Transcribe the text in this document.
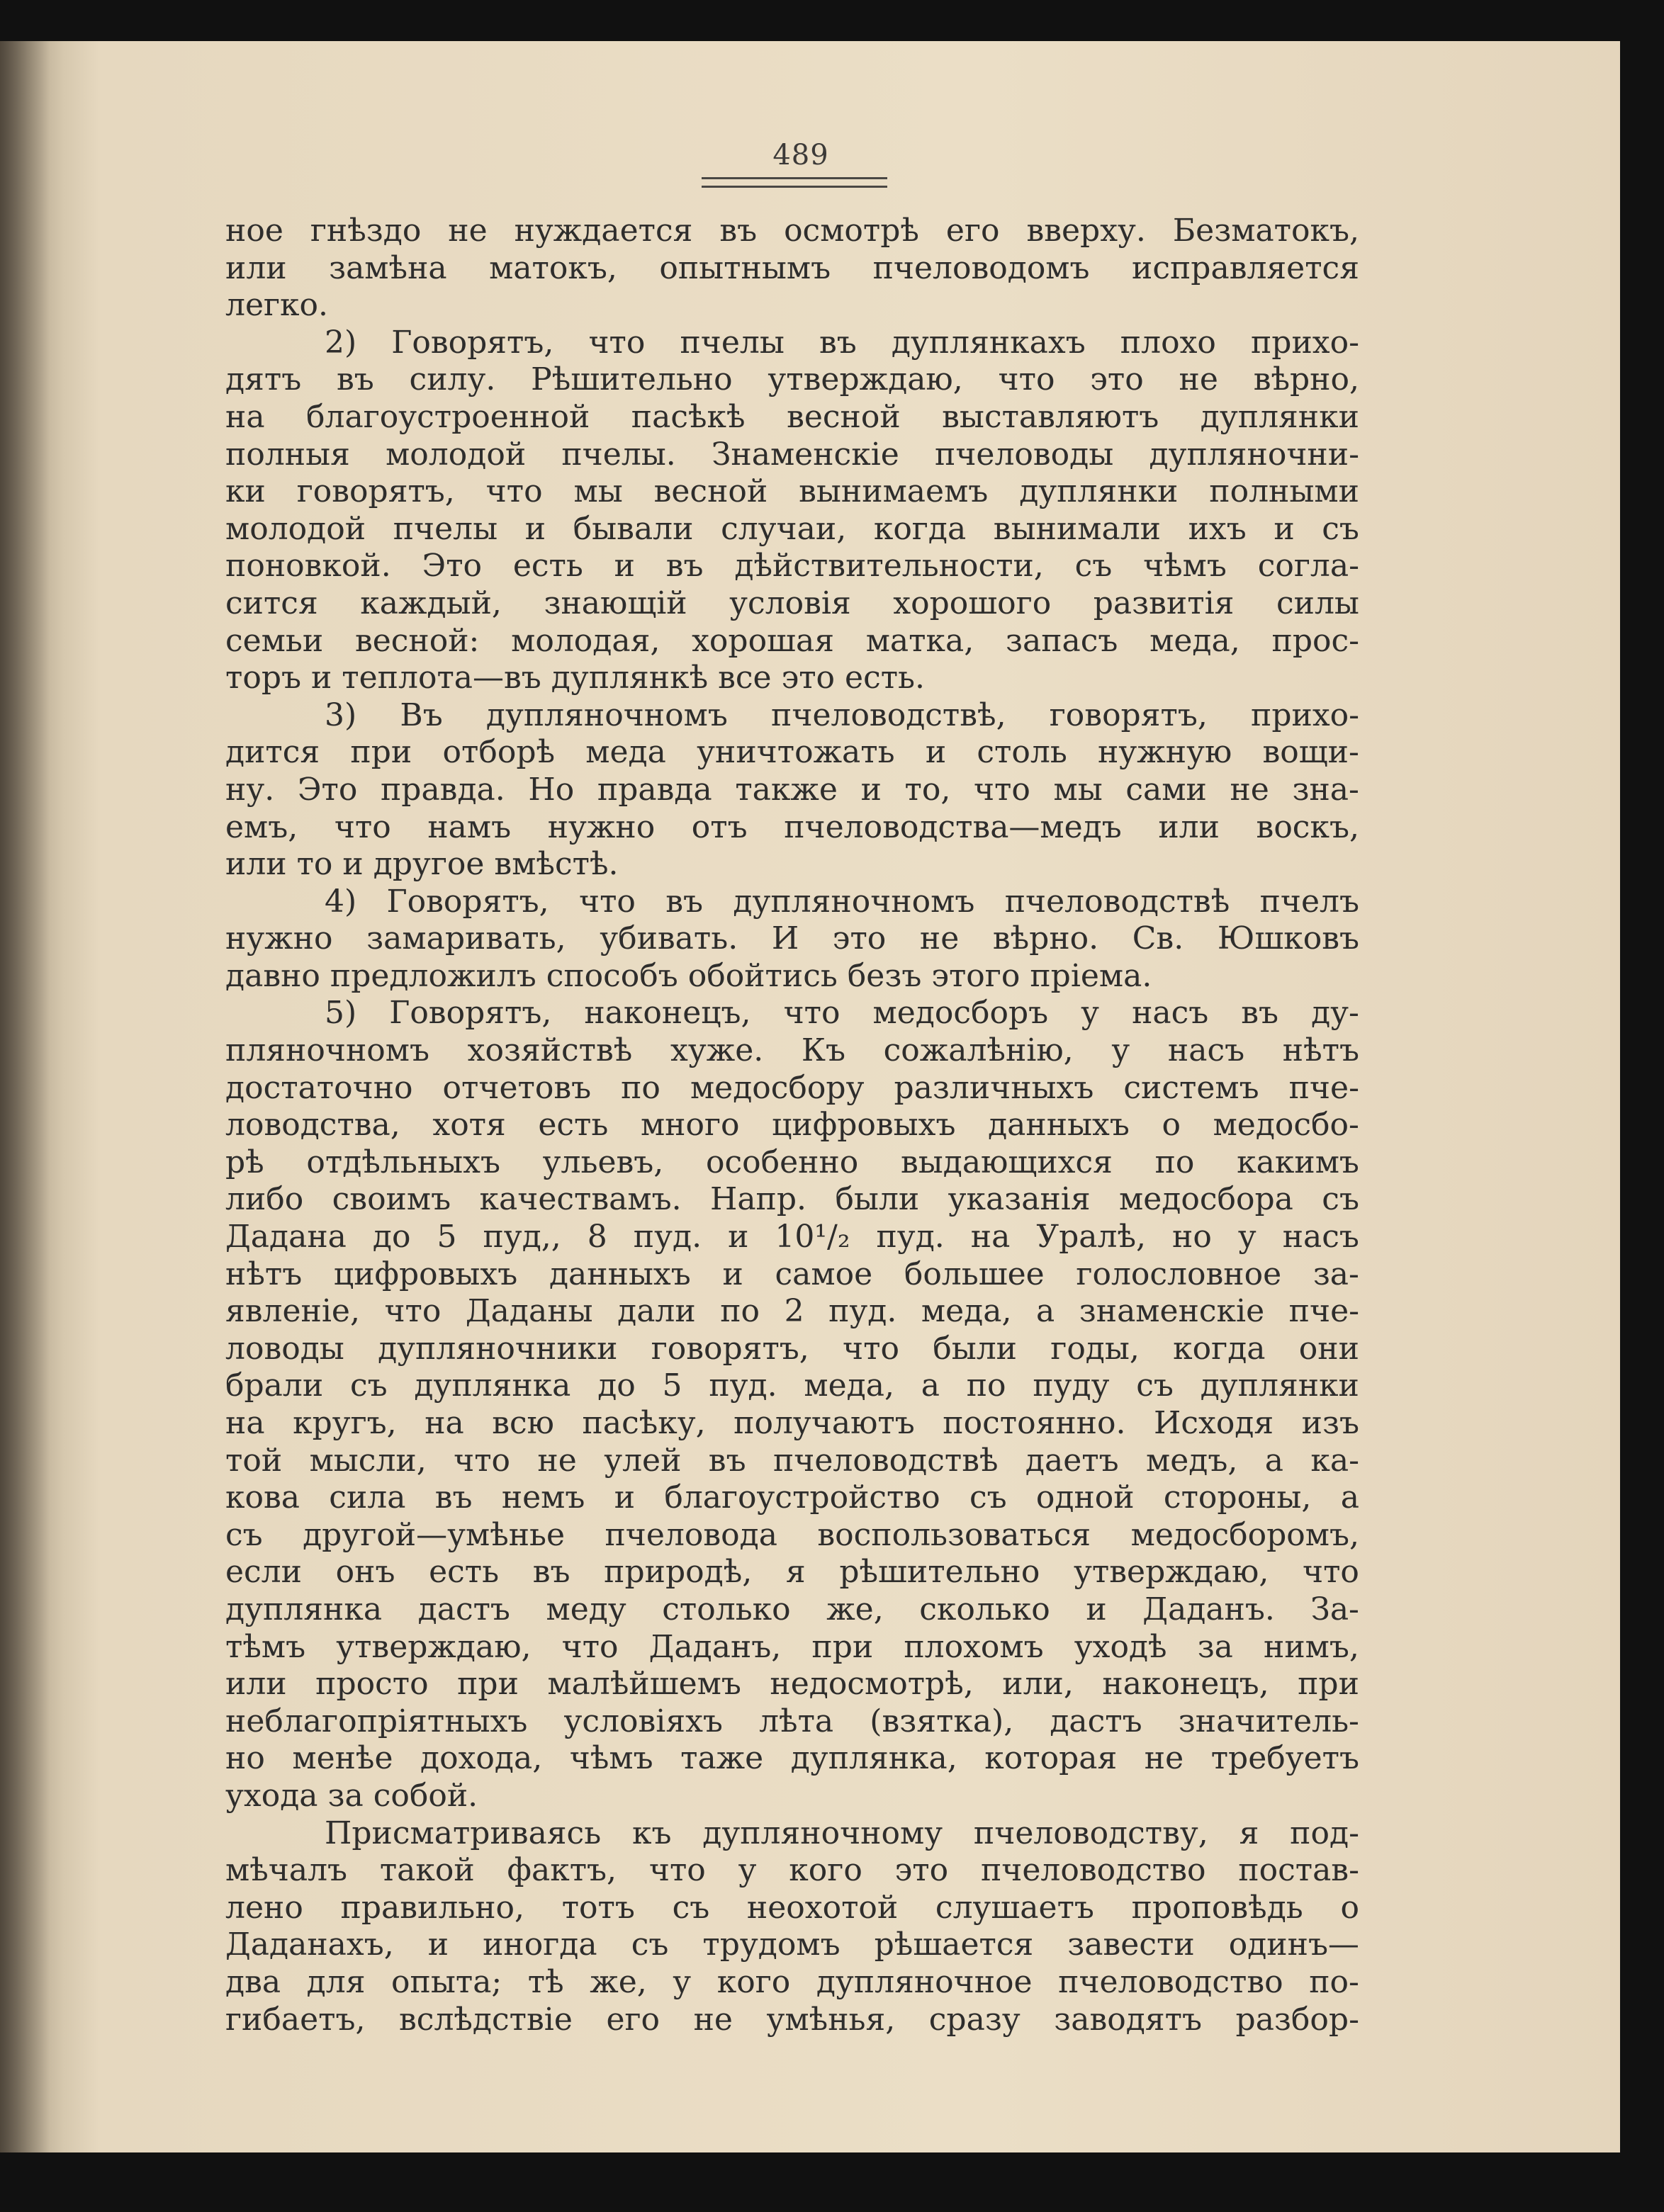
489
ное гнѣздо не нуждается въ осмотрѣ его вверху. Безматокъ,
или замѣна матокъ, опытнымъ пчеловодомъ исправляется
легко.
2) Говорятъ, что пчелы въ дуплянкахъ плохо прихо-
дятъ въ силу. Рѣшительно утверждаю, что это не вѣрно,
на благоустроенной пасѣкѣ весной выставляютъ дуплянки
полныя молодой пчелы. Знаменскіе пчеловоды дупляночни-
ки говорятъ, что мы весной вынимаемъ дуплянки полными
молодой пчелы и бывали случаи, когда вынимали ихъ и съ
поновкой. Это есть и въ дѣйствительности, съ чѣмъ согла-
сится каждый, знающій условія хорошого развитія силы
семьи весной: молодая, хорошая матка, запасъ меда, прос-
торъ и теплота—въ дуплянкѣ все это есть.
3) Въ дупляночномъ пчеловодствѣ, говорятъ, прихо-
дится при отборѣ меда уничтожать и столь нужную вощи-
ну. Это правда. Но правда также и то, что мы сами не зна-
емъ, что намъ нужно отъ пчеловодства—медъ или воскъ,
или то и другое вмѣстѣ.
4) Говорятъ, что въ дупляночномъ пчеловодствѣ пчелъ
нужно замаривать, убивать. И это не вѣрно. Св. Юшковъ
давно предложилъ способъ обойтись безъ этого пріема.
5) Говорятъ, наконецъ, что медосборъ у насъ въ ду-
пляночномъ хозяйствѣ хуже. Къ сожалѣнію, у насъ нѣтъ
достаточно отчетовъ по медосбору различныхъ системъ пче-
ловодства, хотя есть много цифровыхъ данныхъ о медосбо-
рѣ отдѣльныхъ ульевъ, особенно выдающихся по какимъ
либо своимъ качествамъ. Напр. были указанія медосбора съ
Дадана до 5 пуд,, 8 пуд. и 10¹/₂ пуд. на Уралѣ, но у насъ
нѣтъ цифровыхъ данныхъ и самое большее голословное за-
явленіе, что Даданы дали по 2 пуд. меда, а знаменскіе пче-
ловоды дупляночники говорятъ, что были годы, когда они
брали съ дуплянка до 5 пуд. меда, а по пуду съ дуплянки
на кругъ, на всю пасѣку, получаютъ постоянно. Исходя изъ
той мысли, что не улей въ пчеловодствѣ даетъ медъ, а ка-
кова сила въ немъ и благоустройство съ одной стороны, а
съ другой—умѣнье пчеловода воспользоваться медосборомъ,
если онъ есть въ природѣ, я рѣшительно утверждаю, что
дуплянка дастъ меду столько же, сколько и Даданъ. За-
тѣмъ утверждаю, что Даданъ, при плохомъ уходѣ за нимъ,
или просто при малѣйшемъ недосмотрѣ, или, наконецъ, при
неблагопріятныхъ условіяхъ лѣта (взятка), дастъ значитель-
но менѣе дохода, чѣмъ таже дуплянка, которая не требуетъ
ухода за собой.
Присматриваясь къ дупляночному пчеловодству, я под-
мѣчалъ такой фактъ, что у кого это пчеловодство постав-
лено правильно, тотъ съ неохотой слушаетъ проповѣдь о
Даданахъ, и иногда съ трудомъ рѣшается завести одинъ—
два для опыта; тѣ же, у кого дупляночное пчеловодство по-
гибаетъ, вслѣдствіе его не умѣнья, сразу заводятъ разбор-
